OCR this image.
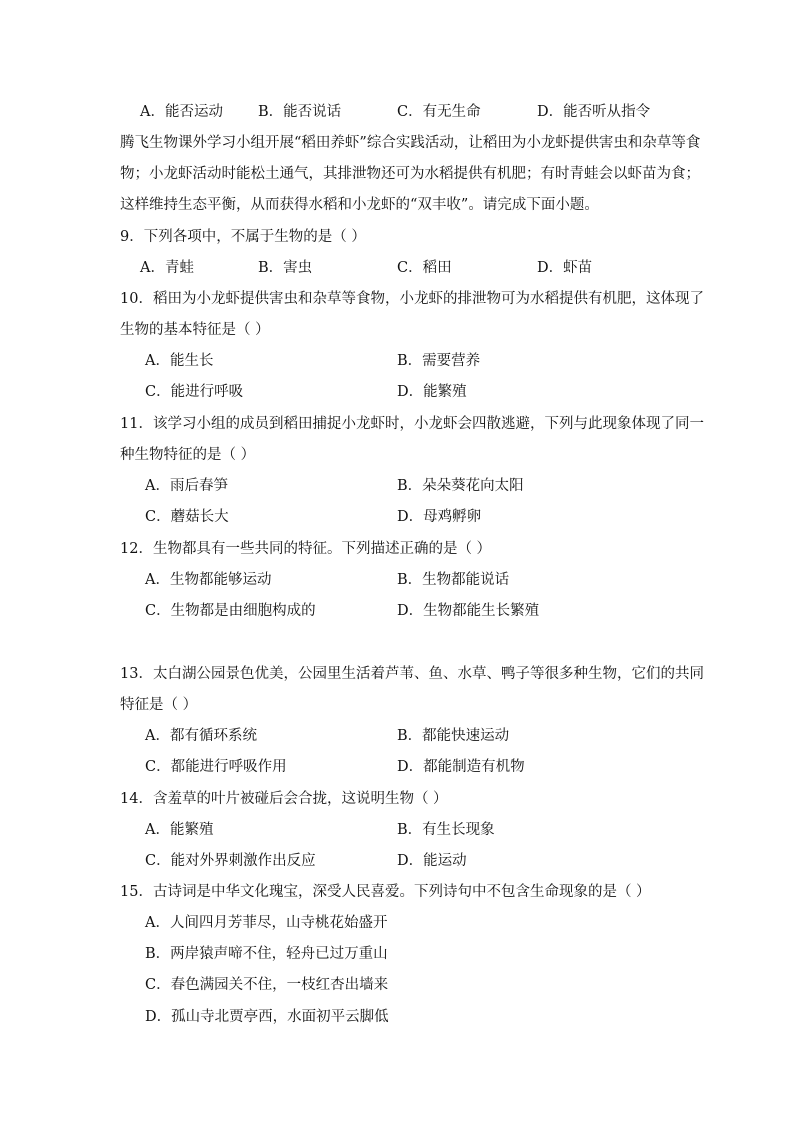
A．能否运动 B．能否说话	C．有无生命	D．能否听从指令
腾飞生物课外学习小组开展“稻田养虾”综合实践活动，让稻田为小龙虾提供害虫和杂草等食
物；小龙虾活动时能松土通气，其排泄物还可为水稻提供有机肥；有时青蛙会以虾苗为食；
这样维持生态平衡，从而获得水稻和小龙虾的“双丰收”。请完成下面小题。
9．下列各项中，不属于生物的是（ ）
A．青蛙	B．害虫	C．稻田	D．虾苗
10．稻田为小龙虾提供害虫和杂草等食物，小龙虾的排泄物可为水稻提供有机肥，这体现了
生物的基本特征是（ ）
A．能生长	B．需要营养
C．能进行呼吸	D．能繁殖
11．该学习小组的成员到稻田捕捉小龙虾时，小龙虾会四散逃避，下列与此现象体现了同一
种生物特征的是（ ）
A．雨后春笋	B．朵朵葵花向太阳
C．蘑菇长大	D．母鸡孵卵
12．生物都具有一些共同的特征。下列描述正确的是（ ）
A．生物都能够运动	B．生物都能说话
C．生物都是由细胞构成的	D．生物都能生长繁殖
13．太白湖公园景色优美，公园里生活着芦苇、鱼、水草、鸭子等很多种生物，它们的共同
特征是（ ）
A．都有循环系统	B．都能快速运动
C．都能进行呼吸作用	D．都能制造有机物
14．含羞草的叶片被碰后会合拢，这说明生物（ ）
A．能繁殖	B．有生长现象
C．能对外界刺激作出反应	D．能运动
15．古诗词是中华文化瑰宝，深受人民喜爱。下列诗句中不包含生命现象的是（ ）
A．人间四月芳菲尽，山寺桃花始盛开
B．两岸猿声啼不住，轻舟已过万重山
C．春色满园关不住，一枝红杏出墙来
D．孤山寺北贾亭西，水面初平云脚低
